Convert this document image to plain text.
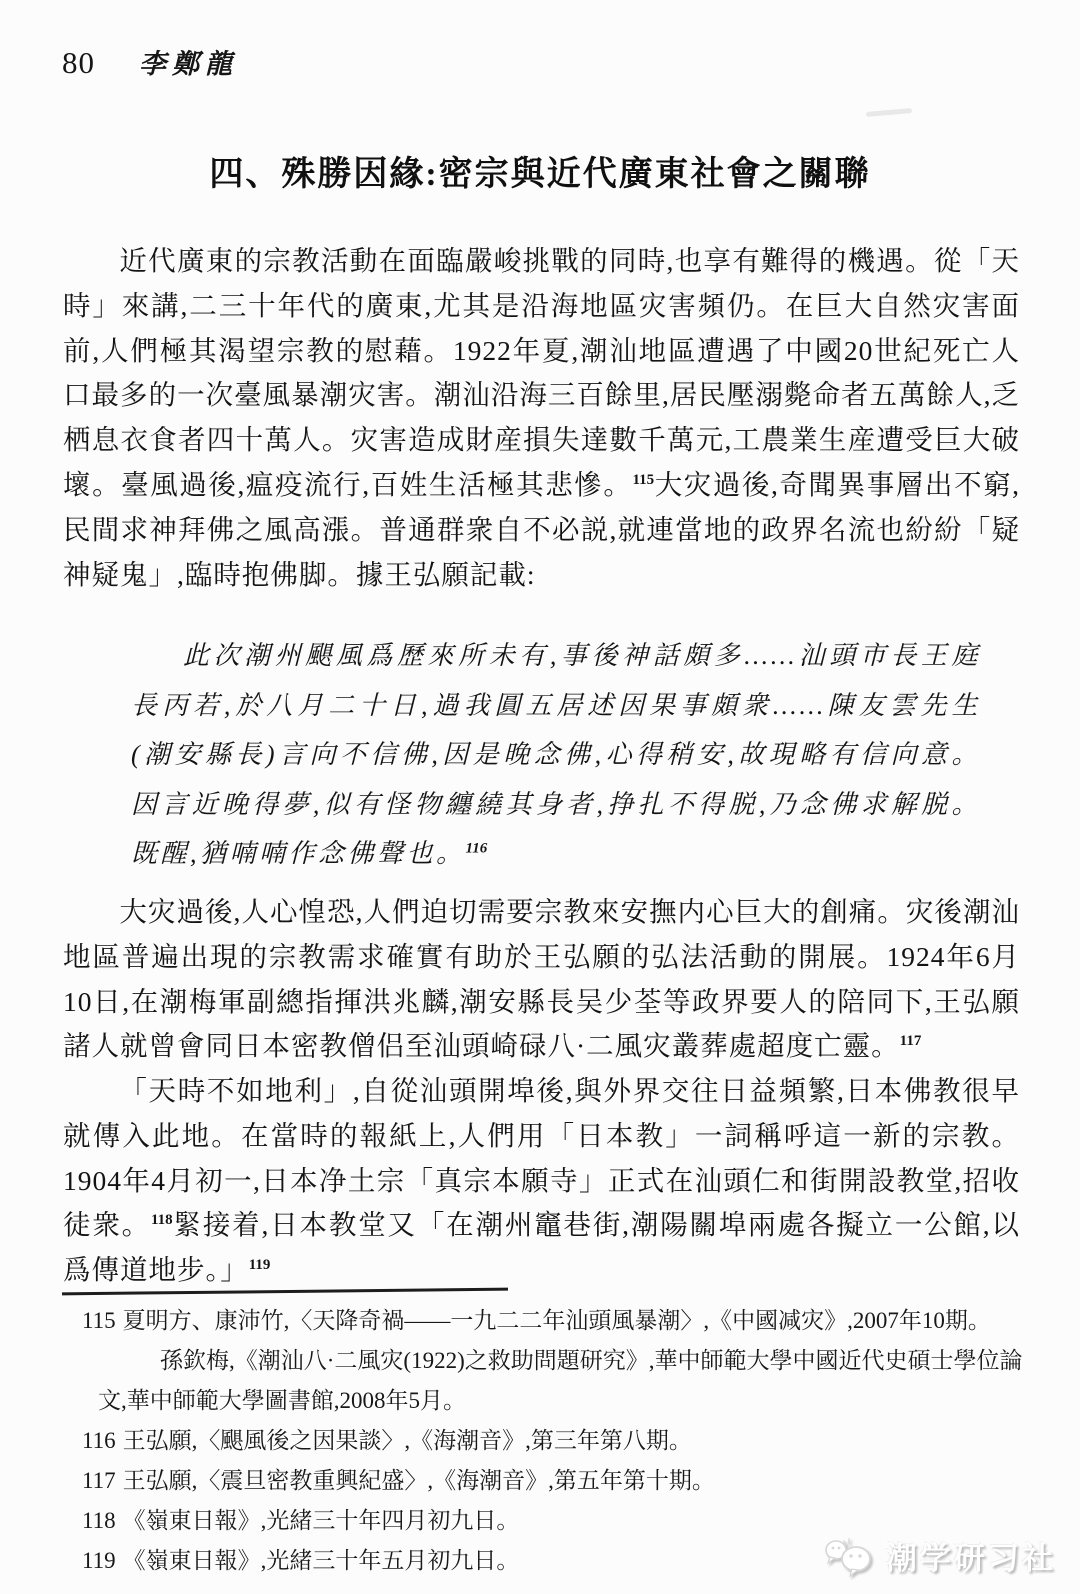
80 李鄭龍
四、殊勝因緣:密宗與近代廣東社會之關聯

近代廣東的宗教活動在面臨嚴峻挑戰的同時,也享有難得的機遇。從「天時」來講,二三十年代的廣東,尤其是沿海地區灾害頻仍。在巨大自然灾害面前,人們極其渴望宗教的慰藉。1922年夏,潮汕地區遭遇了中國20世紀死亡人口最多的一次臺風暴潮灾害。潮汕沿海三百餘里,居民壓溺斃命者五萬餘人,乏栖息衣食者四十萬人。灾害造成財産損失達數千萬元,工農業生産遭受巨大破壞。臺風過後,瘟疫流行,百姓生活極其悲慘。$^{115}$大灾過後,奇聞異事層出不窮,民間求神拜佛之風高漲。普通群衆自不必説,就連當地的政界名流也紛紛「疑神疑鬼」,臨時抱佛脚。據王弘願記載:

此次潮州颶風爲歷來所未有,事後神話頗多……汕頭市長王庭長丙若,於八月二十日,過我圓五居述因果事頗衆……陳友雲先生(潮安縣長)言向不信佛,因是晚念佛,心得稍安,故現略有信向意。因言近晚得夢,似有怪物纏繞其身者,挣扎不得脱,乃念佛求解脱。既醒,猶喃喃作念佛聲也。$^{116}$

大灾過後,人心惶恐,人們迫切需要宗教來安撫内心巨大的創痛。灾後潮汕地區普遍出現的宗教需求確實有助於王弘願的弘法活動的開展。1924年6月10日,在潮梅軍副總指揮洪兆麟,潮安縣長吴少荃等政界要人的陪同下,王弘願諸人就曾會同日本密教僧侣至汕頭崎碌八·二風灾叢葬處超度亡靈。$^{117}$

「天時不如地利」,自從汕頭開埠後,與外界交往日益頻繁,日本佛教很早就傳入此地。在當時的報紙上,人們用「日本教」一詞稱呼這一新的宗教。1904年4月初一,日本净土宗「真宗本願寺」正式在汕頭仁和街開設教堂,招收徒衆。$^{118}$緊接着,日本教堂又「在潮州竈巷街,潮陽關埠兩處各擬立一公館,以爲傳道地步。」$^{119}$

115 夏明方、康沛竹,〈天降奇禍——一九二二年汕頭風暴潮〉,《中國减灾》,2007年10期。
孫欽梅,《潮汕八·二風灾(1922)之救助問題研究》,華中師範大學中國近代史碩士學位論
文,華中師範大學圖書館,2008年5月。
116 王弘願,〈颶風後之因果談〉,《海潮音》,第三年第八期。
117 王弘願,〈震旦密教重興紀盛〉,《海潮音》,第五年第十期。
118 《嶺東日報》,光緒三十年四月初九日。
119 《嶺東日報》,光緒三十年五月初九日。	潮学研习社
